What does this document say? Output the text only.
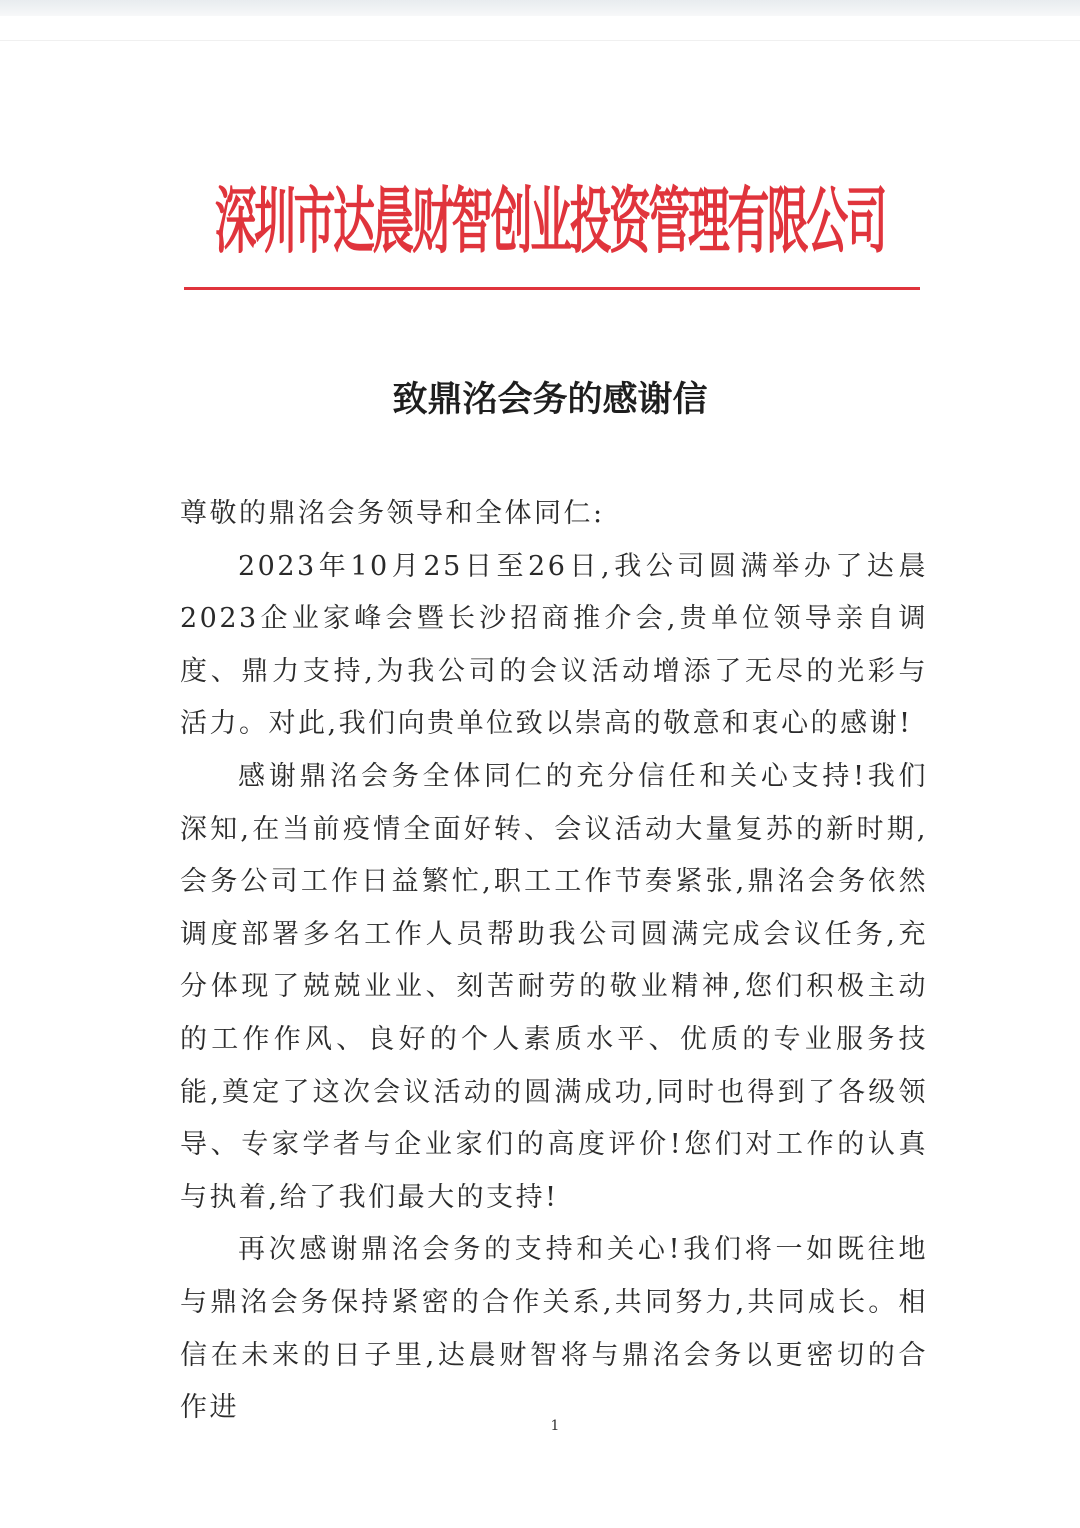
深圳市达晨财智创业投资管理有限公司
致鼎洺会务的感谢信

尊敬的鼎洺会务领导和全体同仁:

2023年10月25日至26日,我公司圆满举办了达晨2023企业家峰会暨长沙招商推介会,贵单位领导亲自调度、鼎力支持,为我公司的会议活动增添了无尽的光彩与活力。对此,我们向贵单位致以崇高的敬意和衷心的感谢!

感谢鼎洺会务全体同仁的充分信任和关心支持!我们深知,在当前疫情全面好转、会议活动大量复苏的新时期,会务公司工作日益繁忙,职工工作节奏紧张,鼎洺会务依然调度部署多名工作人员帮助我公司圆满完成会议任务,充分体现了兢兢业业、刻苦耐劳的敬业精神,您们积极主动的工作作风、良好的个人素质水平、优质的专业服务技能,奠定了这次会议活动的圆满成功,同时也得到了各级领导、专家学者与企业家们的高度评价!您们对工作的认真与执着,给了我们最大的支持!

再次感谢鼎洺会务的支持和关心!我们将一如既往地与鼎洺会务保持紧密的合作关系,共同努力,共同成长。相信在未来的日子里,达晨财智将与鼎洺会务以更密切的合作进

1
